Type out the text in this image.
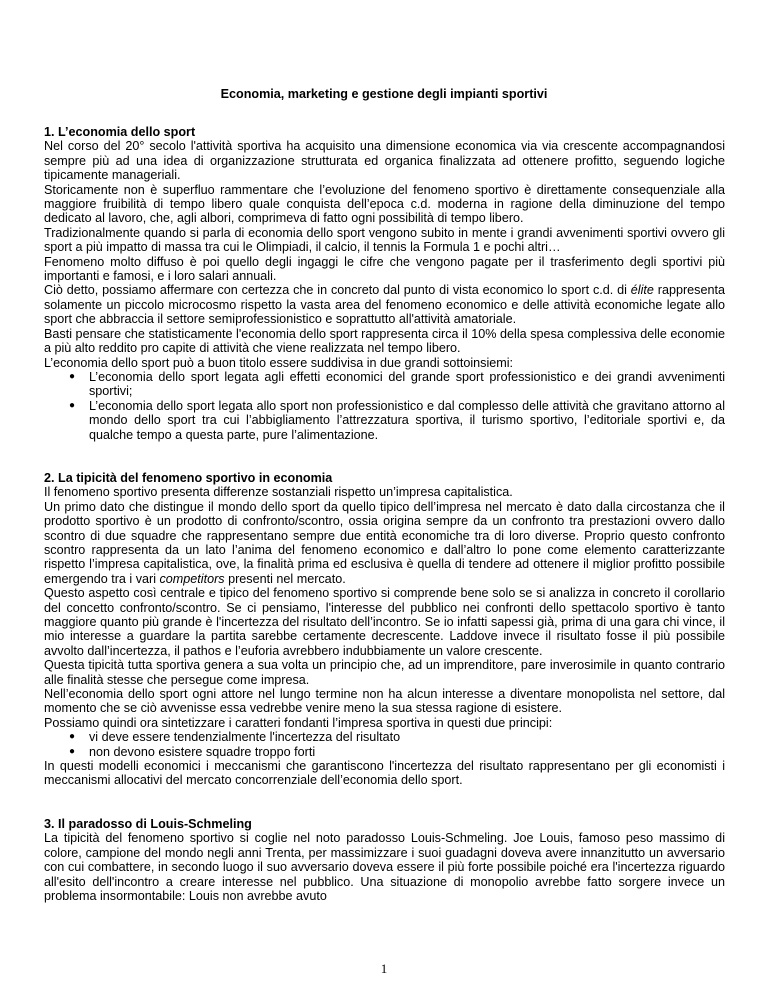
Economia, marketing e gestione degli impianti sportivi

1. L’economia dello sport

Nel corso del 20° secolo l'attività sportiva ha acquisito una dimensione economica via via crescente accompagnandosi sempre più ad una idea di organizzazione strutturata ed organica finalizzata ad ottenere profitto, seguendo logiche tipicamente manageriali.

Storicamente non è superfluo rammentare che l’evoluzione del fenomeno sportivo è direttamente consequenziale alla maggiore fruibilità di tempo libero quale conquista dell’epoca c.d. moderna in ragione della diminuzione del tempo dedicato al lavoro, che, agli albori, comprimeva di fatto ogni possibilità di tempo libero.

Tradizionalmente quando si parla di economia dello sport vengono subito in mente i grandi avvenimenti sportivi ovvero gli sport a più impatto di massa tra cui le Olimpiadi, il calcio, il tennis la Formula 1 e pochi altri…

Fenomeno molto diffuso è poi quello degli ingaggi le cifre che vengono pagate per il trasferimento degli sportivi più importanti e famosi, e i loro salari annuali.

Ciò detto, possiamo affermare con certezza che in concreto dal punto di vista economico lo sport c.d. di élite rappresenta solamente un piccolo microcosmo rispetto la vasta area del fenomeno economico e delle attività economiche legate allo sport che abbraccia il settore semiprofessionistico e soprattutto all'attività amatoriale.

Basti pensare che statisticamente l'economia dello sport rappresenta circa il 10% della spesa complessiva delle economie a più alto reddito pro capite di attività che viene realizzata nel tempo libero.

L’economia dello sport può a buon titolo essere suddivisa in due grandi sottoinsiemi:

● L’economia dello sport legata agli effetti economici del grande sport professionistico e dei grandi avvenimenti sportivi;
● L’economia dello sport legata allo sport non professionistico e dal complesso delle attività che gravitano attorno al mondo dello sport tra cui l’abbigliamento l’attrezzatura sportiva, il turismo sportivo, l’editoriale sportivi e, da qualche tempo a questa parte, pure l’alimentazione.

2. La tipicità del fenomeno sportivo in economia

Il fenomeno sportivo presenta differenze sostanziali rispetto un’impresa capitalistica.

Un primo dato che distingue il mondo dello sport da quello tipico dell’impresa nel mercato è dato dalla circostanza che il prodotto sportivo è un prodotto di confronto/scontro, ossia origina sempre da un confronto tra prestazioni ovvero dallo scontro di due squadre che rappresentano sempre due entità economiche tra di loro diverse. Proprio questo confronto scontro rappresenta da un lato l’anima del fenomeno economico e dall’altro lo pone come elemento caratterizzante rispetto l’impresa capitalistica, ove, la finalità prima ed esclusiva è quella di tendere ad ottenere il miglior profitto possibile emergendo tra i vari competitors presenti nel mercato.

Questo aspetto così centrale e tipico del fenomeno sportivo si comprende bene solo se si analizza in concreto il corollario del concetto confronto/scontro. Se ci pensiamo, l'interesse del pubblico nei confronti dello spettacolo sportivo è tanto maggiore quanto più grande è l'incertezza del risultato dell’incontro. Se io infatti sapessi già, prima di una gara chi vince, il mio interesse a guardare la partita sarebbe certamente decrescente. Laddove invece il risultato fosse il più possibile avvolto dall’incertezza, il pathos e l’euforia avrebbero indubbiamente un valore crescente.

Questa tipicità tutta sportiva genera a sua volta un principio che, ad un imprenditore, pare inverosimile in quanto contrario alle finalità stesse che persegue come impresa.

Nell’economia dello sport ogni attore nel lungo termine non ha alcun interesse a diventare monopolista nel settore, dal momento che se ciò avvenisse essa vedrebbe venire meno la sua stessa ragione di esistere.

Possiamo quindi ora sintetizzare i caratteri fondanti l’impresa sportiva in questi due principi:

● vi deve essere tendenzialmente l'incertezza del risultato
● non devono esistere squadre troppo forti

In questi modelli economici i meccanismi che garantiscono l'incertezza del risultato rappresentano per gli economisti i meccanismi allocativi del mercato concorrenziale dell’economia dello sport.

3. Il paradosso di Louis-Schmeling

La tipicità del fenomeno sportivo si coglie nel noto paradosso Louis-Schmeling. Joe Louis, famoso peso massimo di colore, campione del mondo negli anni Trenta, per massimizzare i suoi guadagni doveva avere innanzitutto un avversario con cui combattere, in secondo luogo il suo avversario doveva essere il più forte possibile poiché era l'incertezza riguardo all'esito dell'incontro a creare interesse nel pubblico. Una situazione di monopolio avrebbe fatto sorgere invece un problema insormontabile: Louis non avrebbe avuto

1
